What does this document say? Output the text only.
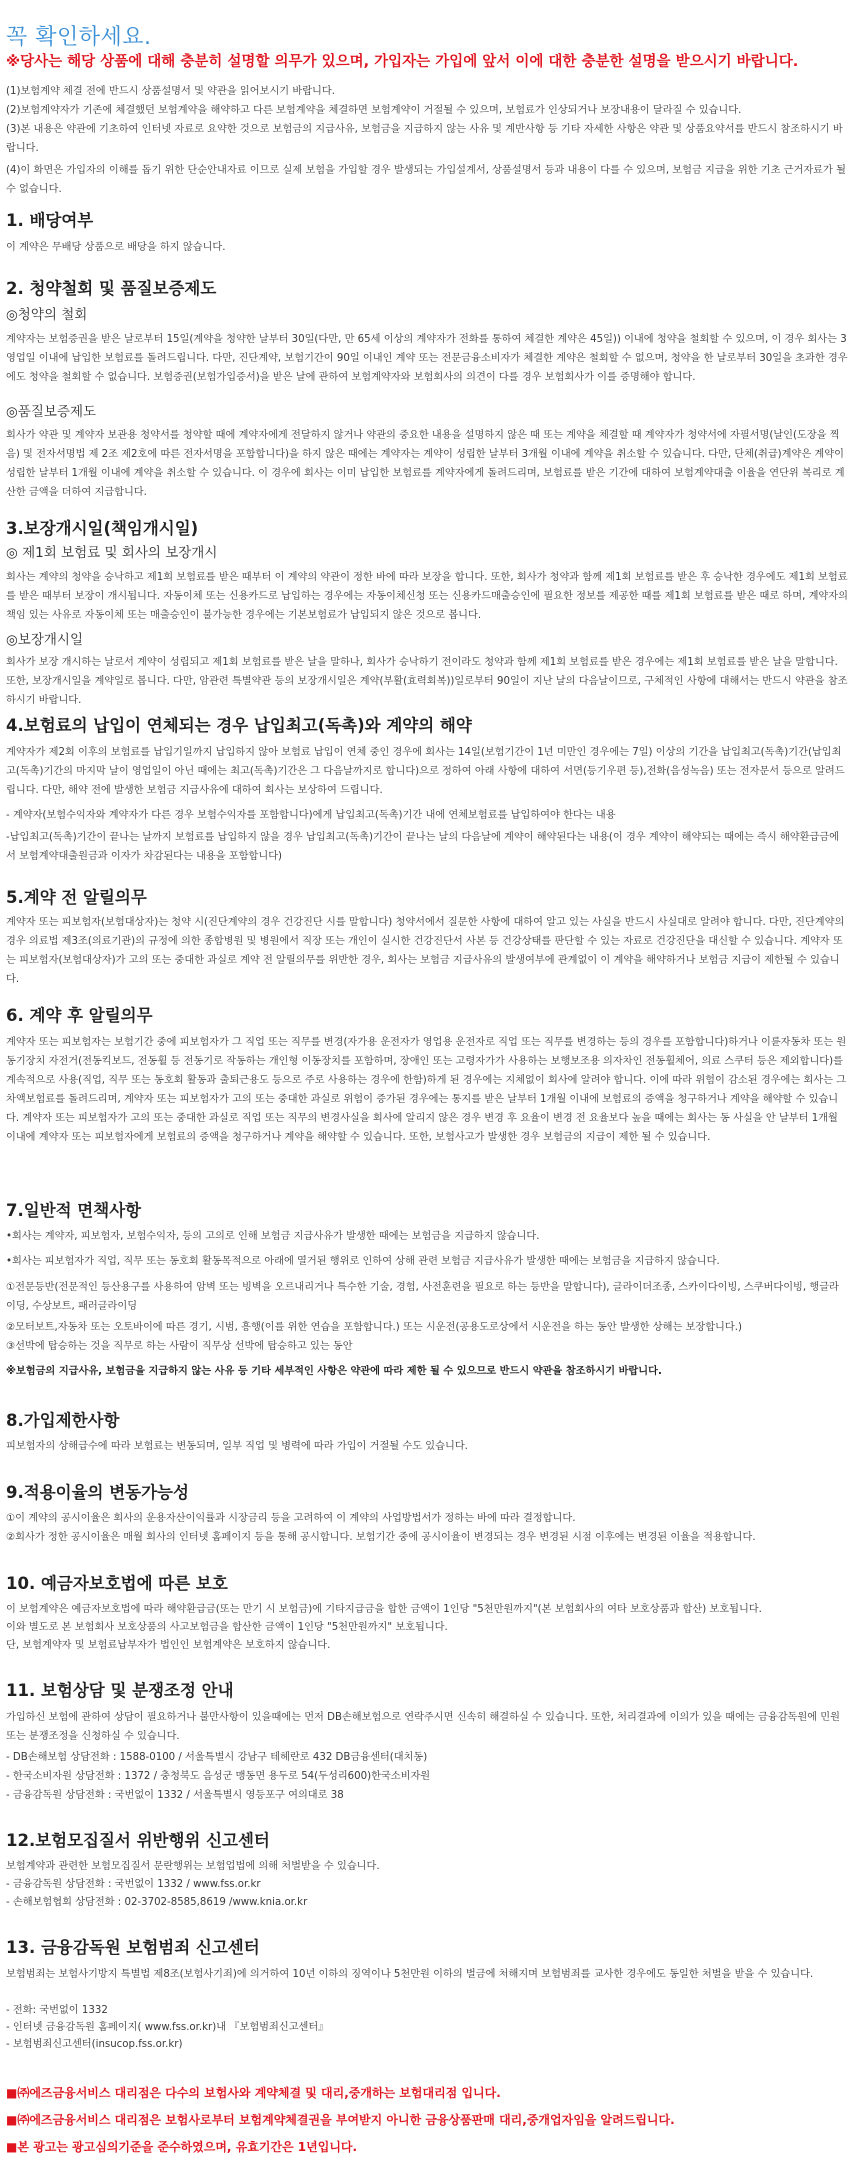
꼭 확인하세요.
※당사는 해당 상품에 대해 충분히 설명할 의무가 있으며, 가입자는 가입에 앞서 이에 대한 충분한 설명을 받으시기 바랍니다.

(1)보험계약 체결 전에 반드시 상품설명서 및 약관을 읽어보시기 바랍니다.

(2)보험계약자가 기존에 체결했던 보험계약을 해약하고 다른 보험계약을 체결하면 보험계약이 거절될 수 있으며, 보험료가 인상되거나 보장내용이 달라질 수 있습니다.

(3)본 내용은 약관에 기초하여 인터넷 자료로 요약한 것으로 보험금의 지급사유, 보험금을 지급하지 않는 사유 및 계반사항 등 기타 자세한 사항은 약관 및 상품요약서를 반드시 참조하시기 바랍니다.

(4)이 화면은 가입자의 이해를 돕기 위한 단순안내자료 이므로 실제 보험을 가입할 경우 발생되는 가입설계서, 상품설명서 등과 내용이 다를 수 있으며, 보험금 지급을 위한 기초 근거자료가 될 수 없습니다.

1. 배당여부

이 계약은 무배당 상품으로 배당을 하지 않습니다.

2. 청약철회 및 품질보증제도
◎청약의 철회

계약자는 보험증권을 받은 날로부터 15일(계약을 청약한 날부터 30일(다만, 만 65세 이상의 계약자가 전화를 통하여 체결한 계약은 45일)) 이내에 청약을 철회할 수 있으며, 이 경우 회사는 3영업일 이내에 납입한 보험료를 돌려드립니다. 다만, 진단계약, 보험기간이 90일 이내인 계약 또는 전문금융소비자가 체결한 계약은 철회할 수 없으며, 청약을 한 날로부터 30일을 초과한 경우에도 청약을 철회할 수 없습니다. 보험증권(보험가입증서)을 받은 날에 관하여 보험계약자와 보험회사의 의견이 다를 경우 보험회사가 이를 증명해야 합니다.

◎품질보증제도

회사가 약관 및 계약자 보관용 청약서를 청약할 때에 계약자에게 전달하지 않거나 약관의 중요한 내용을 설명하지 않은 때 또는 계약을 체결할 때 계약자가 청약서에 자필서명(날인(도장을 찍음) 및 전자서명법 제 2조 제2호에 따른 전자서명을 포함합니다)을 하지 않은 때에는 계약자는 계약이 성립한 날부터 3개월 이내에 계약을 취소할 수 있습니다. 다만, 단체(취급)계약은 계약이 성립한 날부터 1개월 이내에 계약을 취소할 수 있습니다. 이 경우에 회사는 이미 납입한 보험료를 계약자에게 돌려드리며, 보험료를 받은 기간에 대하여 보험계약대출 이율을 연단위 복리로 계산한 금액을 더하여 지급합니다.

3.보장개시일(책임개시일)
◎ 제1회 보험료 및 회사의 보장개시

회사는 계약의 청약을 승낙하고 제1회 보험료를 받은 때부터 이 계약의 약관이 정한 바에 따라 보장을 합니다. 또한, 회사가 청약과 함께 제1회 보험료를 받은 후 승낙한 경우에도 제1회 보험료를 받은 때부터 보장이 개시됩니다. 자동이체 또는 신용카드로 납입하는 경우에는 자동이체신청 또는 신용카드매출승인에 필요한 정보를 제공한 때를 제1회 보험료를 받은 때로 하며, 계약자의 책임 있는 사유로 자동이체 또는 매출승인이 불가능한 경우에는 기본보험료가 납입되지 않은 것으로 봅니다.

◎보장개시일

회사가 보장 개시하는 날로서 계약이 성립되고 제1회 보험료를 받은 날을 말하나, 회사가 승낙하기 전이라도 청약과 함께 제1회 보험료를 받은 경우에는 제1회 보험료를 받은 날을 말합니다. 또한, 보장개시일을 계약일로 봅니다. 다만, 암관련 특별약관 등의 보장개시일은 계약(부활(효력회복))일로부터 90일이 지난 날의 다음날이므로, 구체적인 사항에 대해서는 반드시 약관을 참조하시기 바랍니다.

4.보험료의 납입이 연체되는 경우 납입최고(독촉)와 계약의 해약

계약자가 제2회 이후의 보험료를 납입기일까지 납입하지 않아 보험료 납입이 연체 중인 경우에 회사는 14일(보험기간이 1년 미만인 경우에는 7일) 이상의 기간을 납입최고(독촉)기간(납입최고(독촉)기간의 마지막 날이 영업일이 아닌 때에는 최고(독촉)기간은 그 다음날까지로 합니다)으로 정하여 아래 사항에 대하여 서면(등기우편 등),전화(음성녹음) 또는 전자문서 등으로 알려드립니다. 다만, 해약 전에 발생한 보험금 지급사유에 대하여 회사는 보상하여 드립니다.

- 계약자(보험수익자와 계약자가 다른 경우 보험수익자를 포함합니다)에게 납입최고(독촉)기간 내에 연체보험료를 납입하여야 한다는 내용

-납입최고(독촉)기간이 끝나는 날까지 보험료를 납입하지 않을 경우 납입최고(독촉)기간이 끝나는 날의 다음날에 계약이 해약된다는 내용(이 경우 계약이 해약되는 때에는 즉시 해약환급금에서 보험계약대출원금과 이자가 차감된다는 내용을 포함합니다)

5.계약 전 알릴의무

계약자 또는 피보험자(보험대상자)는 청약 시(진단계약의 경우 건강진단 시를 말합니다) 청약서에서 질문한 사항에 대하여 알고 있는 사실을 반드시 사실대로 알려야 합니다. 다만, 진단계약의 경우 의료법 제3조(의료기관)의 규정에 의한 종합병원 및 병원에서 직장 또는 개인이 실시한 건강진단서 사본 등 건강상태를 판단할 수 있는 자료로 건강진단을 대신할 수 있습니다. 계약자 또는 피보험자(보험대상자)가 고의 또는 중대한 과실로 계약 전 알릴의무를 위반한 경우, 회사는 보험금 지급사유의 발생여부에 관계없이 이 계약을 해약하거나 보험금 지급이 제한될 수 있습니다.

6. 계약 후 알릴의무

계약자 또는 피보험자는 보험기간 중에 피보험자가 그 직업 또는 직무를 변경(자가용 운전자가 영업용 운전자로 직업 또는 직무를 변경하는 등의 경우를 포함합니다)하거나 이륜자동차 또는 원동기장치 자전거(전동킥보드, 전동휠 등 전동기로 작동하는 개인형 이동장치를 포함하며, 장애인 또는 고령자가가 사용하는 보행보조용 의자차인 전동휠체어, 의료 스쿠터 등은 제외합니다)를 계속적으로 사용(직업, 직무 또는 동호회 활동과 출퇴근용도 등으로 주로 사용하는 경우에 한함)하게 된 경우에는 지체없이 회사에 알려야 합니다. 이에 따라 위험이 감소된 경우에는 회사는 그 차액보험료를 돌려드리며, 계약자 또는 피보험자가 고의 또는 중대한 과실로 위험이 증가된 경우에는 통지를 받은 날부터 1개월 이내에 보험료의 증액을 청구하거나 계약을 해약할 수 있습니다. 계약자 또는 피보험자가 고의 또는 중대한 과실로 직업 또는 직무의 변경사실을 회사에 알리지 않은 경우 변경 후 요율이 변경 전 요율보다 높을 때에는 회사는 동 사실을 안 날부터 1개월 이내에 계약자 또는 피보험자에게 보험료의 증액을 청구하거나 계약을 해약할 수 있습니다. 또한, 보험사고가 발생한 경우 보험금의 지급이 제한 될 수 있습니다.

7.일반적 면책사항

•회사는 계약자, 피보험자, 보험수익자, 등의 고의로 인해 보험금 지급사유가 발생한 때에는 보험금을 지급하지 않습니다.

•회사는 피보험자가 직업, 직무 또는 동호회 활동목적으로 아래에 열거된 행위로 인하여 상해 관련 보험금 지급사유가 발생한 때에는 보험금을 지급하지 않습니다.

①전문등반(전문적인 등산용구를 사용하여 암벽 또는 빙벽을 오르내리거나 특수한 기술, 경험, 사전훈련을 필요로 하는 등반을 말합니다), 글라이더조종, 스카이다이빙, 스쿠버다이빙, 행글라이딩, 수상보트, 패러글라이딩

②모터보트,자동차 또는 오토바이에 따른 경기, 시범, 흥행(이를 위한 연습을 포함합니다.) 또는 시운전(공용도로상에서 시운전을 하는 동안 발생한 상해는 보장합니다.)

③선박에 탑승하는 것을 직무로 하는 사람이 직무상 선박에 탑승하고 있는 동안

※보험금의 지급사유, 보험금을 지급하지 않는 사유 등 기타 세부적인 사항은 약관에 따라 제한 될 수 있으므로 반드시 약관을 참조하시기 바랍니다.

8.가입제한사항

피보험자의 상해급수에 따라 보험료는 변동되며, 일부 직업 및 병력에 따라 가입이 거절될 수도 있습니다.

9.적용이율의 변동가능성

①이 계약의 공시이율은 회사의 운용자산이익률과 시장금리 등을 고려하여 이 계약의 사업방법서가 정하는 바에 따라 결정합니다.

②회사가 정한 공시이율은 매월 회사의 인터넷 홈페이지 등을 통해 공시합니다. 보험기간 중에 공시이율이 변경되는 경우 변경된 시점 이후에는 변경된 이율을 적용합니다.

10. 예금자보호법에 따른 보호

이 보험계약은 예금자보호법에 따라 해약환급금(또는 만기 시 보험금)에 기타지급금을 합한 금액이 1인당 "5천만원까지"(본 보험회사의 여타 보호상품과 합산) 보호됩니다.

이와 별도로 본 보험회사 보호상품의 사고보험금을 합산한 금액이 1인당 "5천만원까지" 보호됩니다.

단, 보험계약자 및 보험료납부자가 법인인 보험계약은 보호하지 않습니다.

11. 보험상담 및 분쟁조정 안내

가입하신 보험에 관하여 상담이 필요하거나 불만사항이 있을때에는 먼저 DB손해보험으로 연락주시면 신속히 해결하실 수 있습니다. 또한, 처리결과에 이의가 있을 때에는 금융감독원에 민원 또는 분쟁조정을 신청하실 수 있습니다.

- DB손해보험 상담전화 : 1588-0100 / 서울특별시 강남구 테헤란로 432 DB금융센터(대치동)

- 한국소비자원 상담전화 : 1372 / 충청북도 음성군 맹동면 용두로 54(두성리600)한국소비자원

- 금융감독원 상담전화 : 국번없이 1332 / 서울특별시 영등포구 여의대로 38

12.보험모집질서 위반행위 신고센터

보험계약과 관련한 보험모집질서 문란행위는 보험업법에 의해 처벌받을 수 있습니다.

- 금융감독원 상담전화 : 국번없이 1332 / www.fss.or.kr

- 손해보험협회 상담전화 : 02-3702-8585,8619 /www.knia.or.kr

13. 금융감독원 보험범죄 신고센터

보험범죄는 보험사기방지 특별법 제8조(보험사기죄)에 의거하여 10년 이하의 징역이나 5천만원 이하의 벌금에 처해지며 보험범죄를 교사한 경우에도 동일한 처벌을 받을 수 있습니다.

- 전화: 국번없이 1332

- 인터넷 금융감독원 홈페이지( www.fss.or.kr)내 『보험범죄신고센터』

- 보험범죄신고센터(insucop.fss.or.kr)

■㈜에즈금융서비스 대리점은 다수의 보험사와 계약체결 및 대리,중개하는 보험대리점 입니다.
■㈜에즈금융서비스 대리점은 보험사로부터 보험계약체결권을 부여받지 아니한 금융상품판매 대리,중개업자임을 알려드립니다.
■본 광고는 광고심의기준을 준수하였으며, 유효기간은 1년입니다.
